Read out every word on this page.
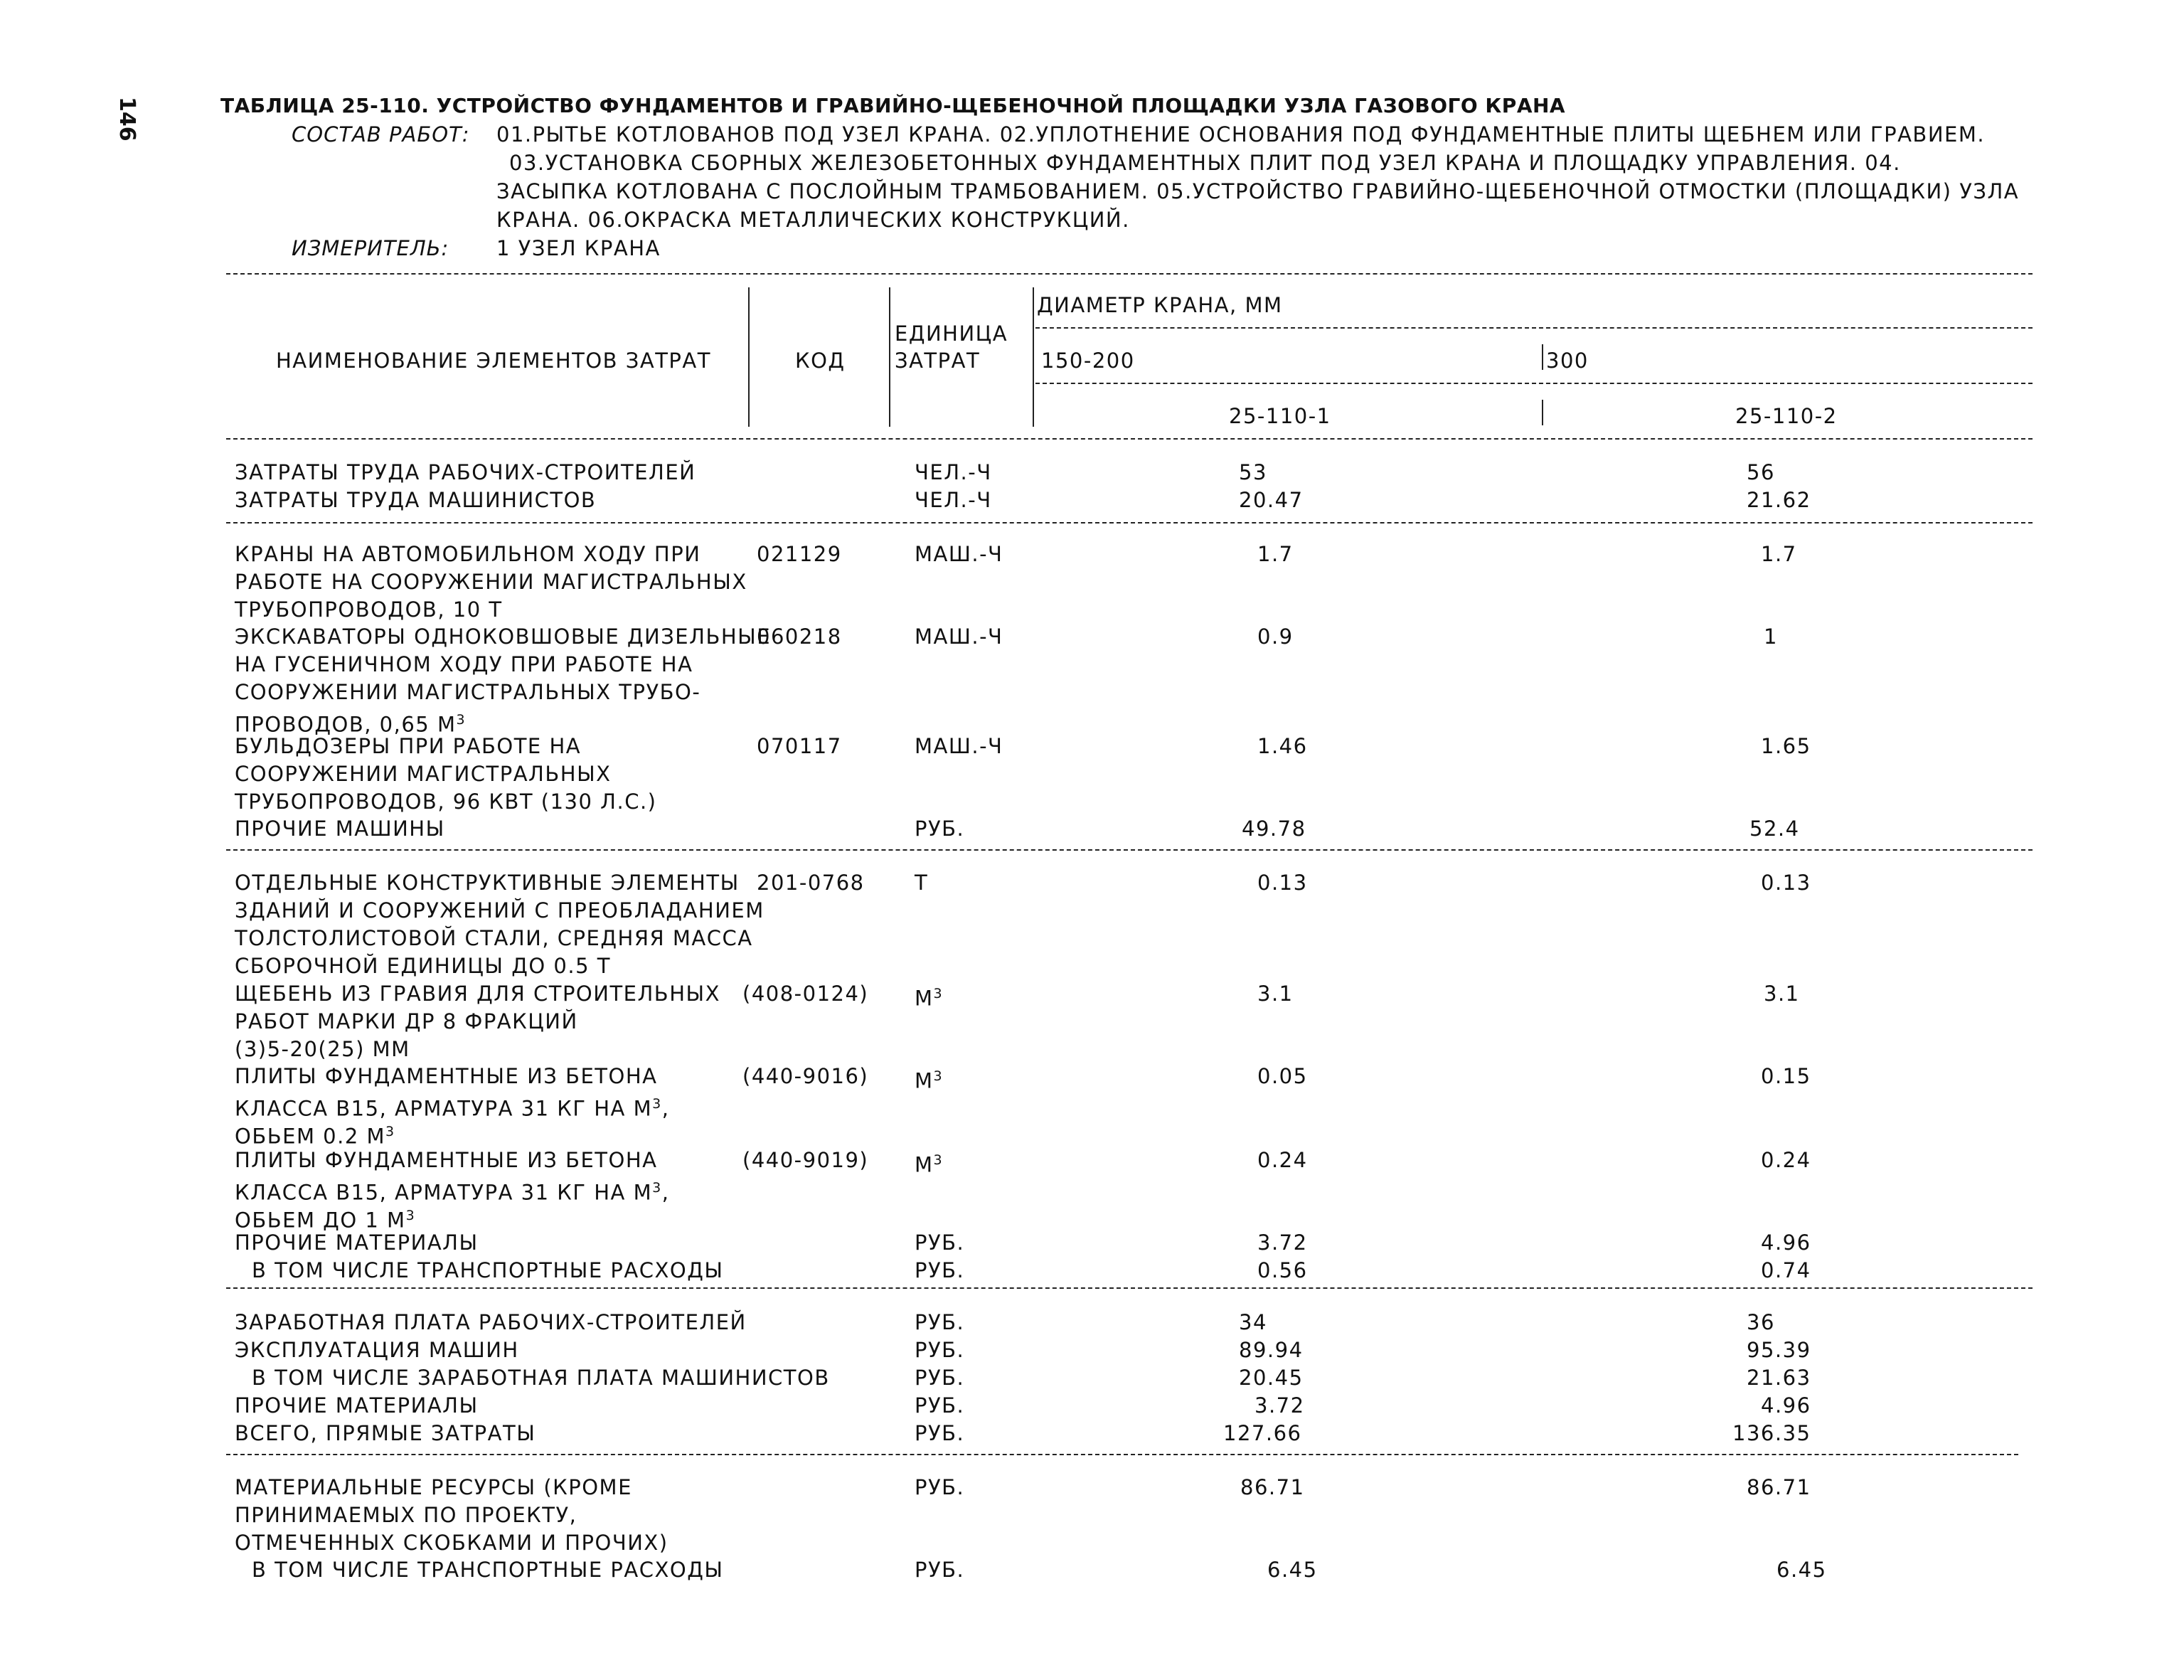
146	ТАБЛИЦА 25-110. УСТРОЙСТВО ФУНДАМЕНТОВ И ГРАВИЙНО-ЩЕБЕНОЧНОЙ ПЛОЩАДКИ УЗЛА ГАЗОВОГО КРАНА
СОСТАВ РАБОТ: 01.РЫТЬЕ КОТЛОВАНОВ ПОД УЗЕЛ КРАНА. 02.УПЛОТНЕНИЕ ОСНОВАНИЯ ПОД ФУНДАМЕНТНЫЕ ПЛИТЫ ЩЕБНЕМ ИЛИ ГРАВИЕМ.
03.УСТАНОВКА СБОРНЫХ ЖЕЛЕЗОБЕТОННЫХ ФУНДАМЕНТНЫХ ПЛИТ ПОД УЗЕЛ КРАНА И ПЛОЩАДКУ УПРАВЛЕНИЯ. 04.
ЗАСЫПКА КОТЛОВАНА С ПОСЛОЙНЫМ ТРАМБОВАНИЕМ. 05.УСТРОЙСТВО ГРАВИЙНО-ЩЕБЕНОЧНОЙ ОТМОСТКИ (ПЛОЩАДКИ) УЗЛА
КРАНА. 06.ОКРАСКА МЕТАЛЛИЧЕСКИХ КОНСТРУКЦИЙ.
ИЗМЕРИТЕЛЬ: 1 УЗЕЛ КРАНА
НАИМЕНОВАНИЕ ЭЛЕМЕНТОВ ЗАТРАТ	КОД
ЕДИНИЦА
ЗАТРАТ
ДИАМЕТР КРАНА, ММ
150-200	300
25-110-1	25-110-2
ЗАТРАТЫ ТРУДА РАБОЧИХ-СТРОИТЕЛЕЙ	ЧЕЛ.-Ч	53	56
ЗАТРАТЫ ТРУДА МАШИНИСТОВ	ЧЕЛ.-Ч	20.47	21.62
КРАНЫ НА АВТОМОБИЛЬНОМ ХОДУ ПРИ
РАБОТЕ НА СООРУЖЕНИИ МАГИСТРАЛЬНЫХ
ТРУБОПРОВОДОВ, 10 Т
021129	МАШ.-Ч	1.7	1.7
ЭКСКАВАТОРЫ ОДНОКОВШОВЫЕ ДИЗЕЛЬНЫЕ
НА ГУСЕНИЧНОМ ХОДУ ПРИ РАБОТЕ НА
СООРУЖЕНИИ МАГИСТРАЛЬНЫХ ТРУБО-
ПРОВОДОВ, 0,65 $М^3$
060218	МАШ.-Ч	0.9	1
БУЛЬДОЗЕРЫ ПРИ РАБОТЕ НА
СООРУЖЕНИИ МАГИСТРАЛЬНЫХ
ТРУБОПРОВОДОВ, 96 КВТ (130 Л.С.)
070117	МАШ.-Ч	1.46	1.65
ПРОЧИЕ МАШИНЫ	РУБ.	49.78	52.4
ОТДЕЛЬНЫЕ КОНСТРУКТИВНЫЕ ЭЛЕМЕНТЫ
ЗДАНИЙ И СООРУЖЕНИЙ С ПРЕОБЛАДАНИЕМ
ТОЛСТОЛИСТОВОЙ СТАЛИ, СРЕДНЯЯ МАССА
СБОРОЧНОЙ ЕДИНИЦЫ ДО 0.5 Т
201-0768 Т	0.13	0.13
ЩЕБЕНЬ ИЗ ГРАВИЯ ДЛЯ СТРОИТЕЛЬНЫХ
РАБОТ МАРКИ ДР 8 ФРАКЦИЙ
(3)5-20(25) ММ
(408-0124) $М^3$	3.1	3.1
ПЛИТЫ ФУНДАМЕНТНЫЕ ИЗ БЕТОНА
КЛАССА В15, АРМАТУРА 31 КГ НА $М^3$,
ОБЬЕМ 0.2 $М^3$
(440-9016) $М^3$	0.05	0.15
ПЛИТЫ ФУНДАМЕНТНЫЕ ИЗ БЕТОНА
КЛАССА В15, АРМАТУРА 31 КГ НА $М^3$,
ОБЬЕМ ДО 1 $М^3$
(440-9019) $М^3$	0.24	0.24
ПРОЧИЕ МАТЕРИАЛЫ	РУБ.	3.72	4.96
В ТОМ ЧИСЛЕ ТРАНСПОРТНЫЕ РАСХОДЫ	РУБ.	0.56	0.74
ЗАРАБОТНАЯ ПЛАТА РАБОЧИХ-СТРОИТЕЛЕЙ	РУБ.	34	36
ЭКСПЛУАТАЦИЯ МАШИН	РУБ.	89.94	95.39
В ТОМ ЧИСЛЕ ЗАРАБОТНАЯ ПЛАТА МАШИНИСТОВ	РУБ.	20.45	21.63
ПРОЧИЕ МАТЕРИАЛЫ	РУБ.	3.72	4.96
ВСЕГО, ПРЯМЫЕ ЗАТРАТЫ	РУБ.	127.66	136.35
МАТЕРИАЛЬНЫЕ РЕСУРСЫ (КРОМЕ
ПРИНИМАЕМЫХ ПО ПРОЕКТУ,
ОТМЕЧЕННЫХ СКОБКАМИ И ПРОЧИХ)
РУБ.	86.71	86.71
В ТОМ ЧИСЛЕ ТРАНСПОРТНЫЕ РАСХОДЫ	РУБ.	6.45	6.45
